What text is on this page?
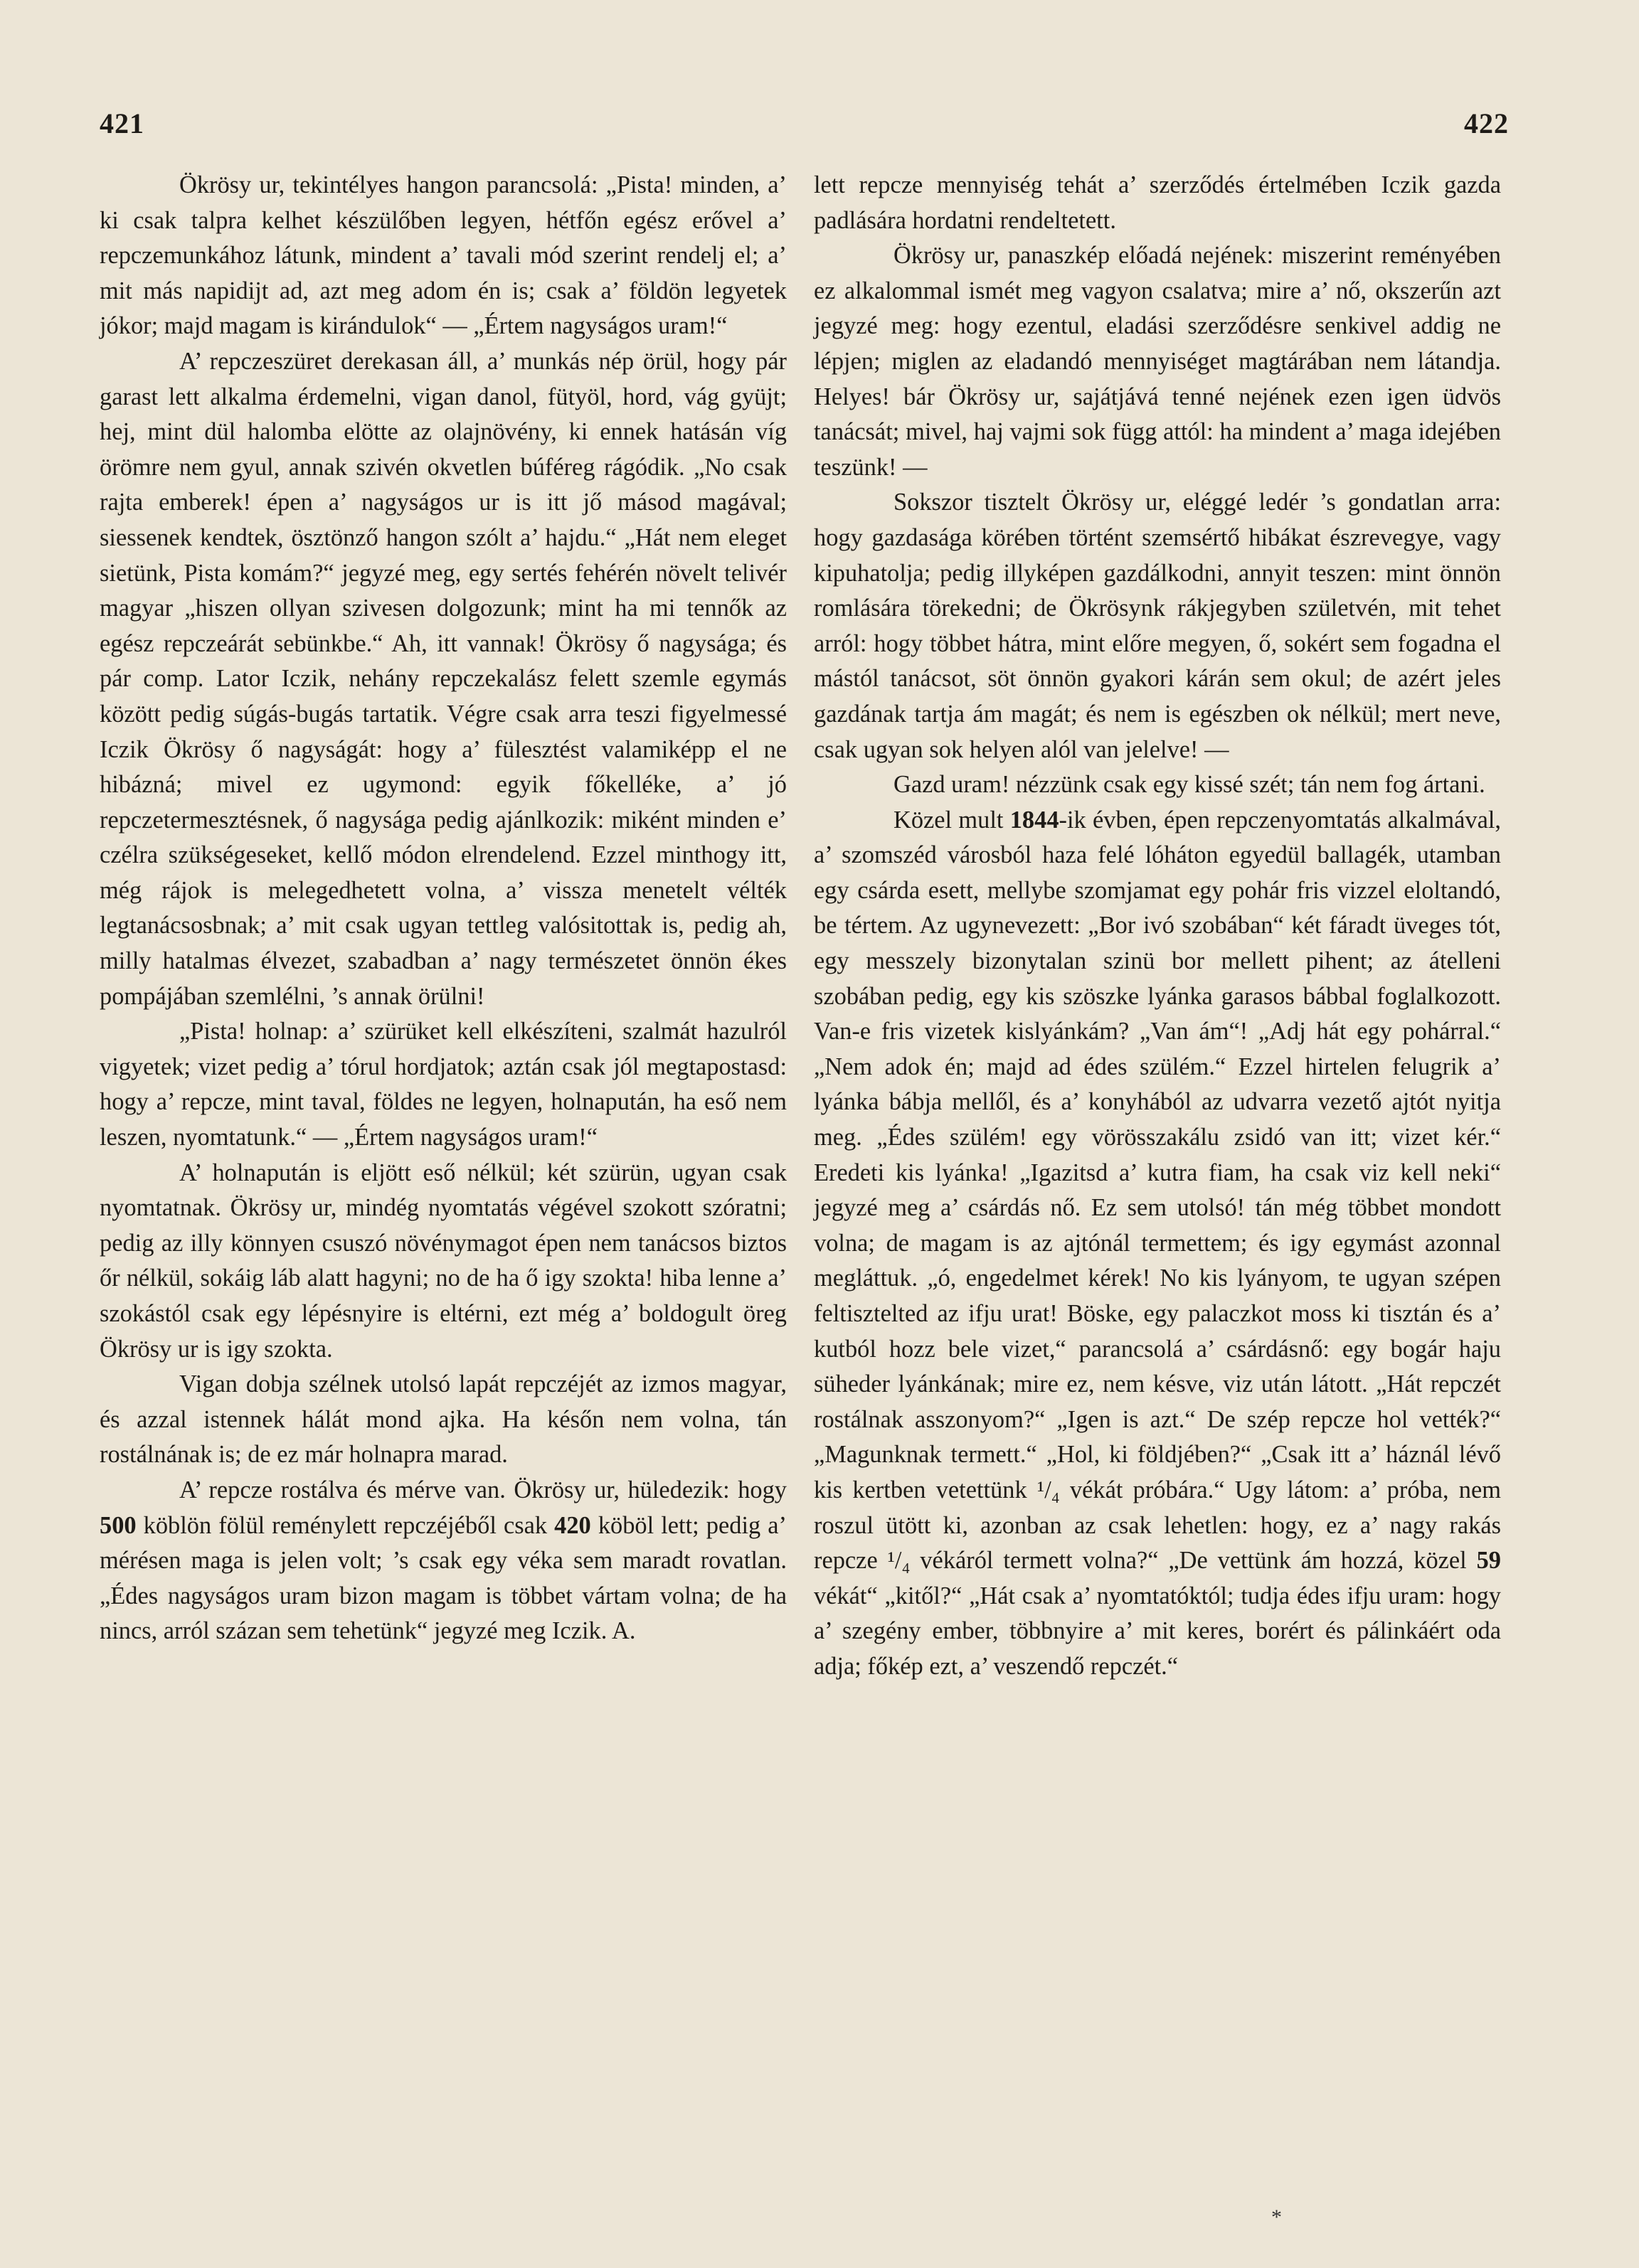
421	422

Ökrösy ur, tekintélyes hangon parancsolá: „Pista! minden, a’ ki csak talpra kelhet készülőben legyen, hétfőn egész erővel a’ repczemunkához látunk, mindent a’ tavali mód szerint rendelj el; a’ mit más napidijt ad, azt meg adom én is; csak a’ földön legyetek jókor; majd magam is kirándulok“ — „Értem nagyságos uram!“

A’ repczeszüret derekasan áll, a’ munkás nép örül, hogy pár garast lett alkalma érdemelni, vigan danol, fütyöl, hord, vág gyüjt; hej, mint dül halomba elötte az olajnövény, ki ennek hatásán víg örömre nem gyul, annak szivén okvetlen búféreg rágódik. „No csak rajta emberek! épen a’ nagyságos ur is itt jő másod magával; siessenek kendtek, ösztönző hangon szólt a’ hajdu.“ „Hát nem eleget sietünk, Pista komám?“ jegyzé meg, egy sertés fehérén növelt telivér magyar „hiszen ollyan szivesen dolgozunk; mint ha mi tennők az egész repczeárát sebünkbe.“ Ah, itt vannak! Ökrösy ő nagysága; és pár comp. Lator Iczik, nehány repczekalász felett szemle egymás között pedig súgás-bugás tartatik. Végre csak arra teszi figyelmessé Iczik Ökrösy ő nagyságát: hogy a’ fülesztést valamiképp el ne hibázná; mivel ez ugymond: egyik főkelléke, a’ jó repczetermesztésnek, ő nagysága pedig ajánlkozik: miként minden e’ czélra szükségeseket, kellő módon elrendelend. Ezzel minthogy itt, még rájok is melegedhetett volna, a’ vissza menetelt vélték legtanácsosbnak; a’ mit csak ugyan tettleg valósitottak is, pedig ah, milly hatalmas élvezet, szabadban a’ nagy természetet önnön ékes pompájában szemlélni, ’s annak örülni!

„Pista! holnap: a’ szürüket kell elkészíteni, szalmát hazulról vigyetek; vizet pedig a’ tórul hordjatok; aztán csak jól megtapostasd: hogy a’ repcze, mint taval, földes ne legyen, holnapután, ha eső nem leszen, nyomtatunk.“ — „Értem nagyságos uram!“

A’ holnapután is eljött eső nélkül; két szürün, ugyan csak nyomtatnak. Ökrösy ur, mindég nyomtatás végével szokott szóratni; pedig az illy könnyen csuszó növénymagot épen nem tanácsos biztos őr nélkül, sokáig láb alatt hagyni; no de ha ő igy szokta! hiba lenne a’ szokástól csak egy lépésnyire is eltérni, ezt még a’ boldogult öreg Ökrösy ur is igy szokta.

Vigan dobja szélnek utolsó lapát repczéjét az izmos magyar, és azzal istennek hálát mond ajka. Ha későn nem volna, tán rostálnának is; de ez már holnapra marad.

A’ repcze rostálva és mérve van. Ökrösy ur, hüledezik: hogy 500 köblön fölül reménylett repczéjéből csak 420 köböl lett; pedig a’ mérésen maga is jelen volt; ’s csak egy véka sem maradt rovatlan. „Édes nagyságos uram bizon magam is többet vártam volna; de ha nincs, arról százan sem tehetünk“ jegyzé meg Iczik. A.

lett repcze mennyiség tehát a’ szerződés értelmében Iczik gazda padlására hordatni rendeltetett.

Ökrösy ur, panaszkép előadá nejének: miszerint reményében ez alkalommal ismét meg vagyon csalatva; mire a’ nő, okszerűn azt jegyzé meg: hogy ezentul, eladási szerződésre senkivel addig ne lépjen; miglen az eladandó mennyiséget magtárában nem látandja. Helyes! bár Ökrösy ur, sajátjává tenné nejének ezen igen üdvös tanácsát; mivel, haj vajmi sok függ attól: ha mindent a’ maga idejében teszünk! —

Sokszor tisztelt Ökrösy ur, eléggé ledér ’s gondatlan arra: hogy gazdasága körében történt szemsértő hibákat észrevegye, vagy kipuhatolja; pedig illyképen gazdálkodni, annyit teszen: mint önnön romlására törekedni; de Ökrösynk rákjegyben születvén, mit tehet arról: hogy többet hátra, mint előre megyen, ő, sokért sem fogadna el mástól tanácsot, söt önnön gyakori kárán sem okul; de azért jeles gazdának tartja ám magát; és nem is egészben ok nélkül; mert neve, csak ugyan sok helyen alól van jelelve! —

Gazd uram! nézzünk csak egy kissé szét; tán nem fog ártani.

Közel mult 1844-ik évben, épen repczenyomtatás alkalmával, a’ szomszéd városból haza felé lóháton egyedül ballagék, utamban egy csárda esett, mellybe szomjamat egy pohár fris vizzel eloltandó, be tértem. Az ugynevezett: „Bor ivó szobában“ két fáradt üveges tót, egy messzely bizonytalan szinü bor mellett pihent; az átelleni szobában pedig, egy kis szöszke lyánka garasos bábbal foglalkozott. Van-e fris vizetek kislyánkám? „Van ám“! „Adj hát egy pohárral.“ „Nem adok én; majd ad édes szülém.“ Ezzel hirtelen felugrik a’ lyánka bábja mellől, és a’ konyhából az udvarra vezető ajtót nyitja meg. „Édes szülém! egy vörösszakálu zsidó van itt; vizet kér.“ Eredeti kis lyánka! „Igazitsd a’ kutra fiam, ha csak viz kell neki“ jegyzé meg a’ csárdás nő. Ez sem utolsó! tán még többet mondott volna; de magam is az ajtónál termettem; és igy egymást azonnal megláttuk. „ó, engedelmet kérek! No kis lyányom, te ugyan szépen feltisztelted az ifju urat! Böske, egy palaczkot moss ki tisztán és a’ kutból hozz bele vizet,“ parancsolá a’ csárdásnő: egy bogár haju süheder lyánkának; mire ez, nem késve, viz után látott. „Hát repczét rostálnak asszonyom?“ „Igen is azt.“ De szép repcze hol vették?“ „Magunknak termett.“ „Hol, ki földjében?“ „Csak itt a’ háznál lévő kis kertben vetettünk ¹/₄ vékát próbára.“ Ugy látom: a’ próba, nem roszul ütött ki, azonban az csak lehetlen: hogy, ez a’ nagy rakás repcze ¹/₄ vékáról termett volna?“ „De vettünk ám hozzá, közel 59 vékát“ „kitől?“ „Hát csak a’ nyomtatóktól; tudja édes ifju uram: hogy a’ szegény ember, többnyire a’ mit keres, borért és pálinkáért oda adja; főkép ezt, a’ veszendő repczét.“

*
